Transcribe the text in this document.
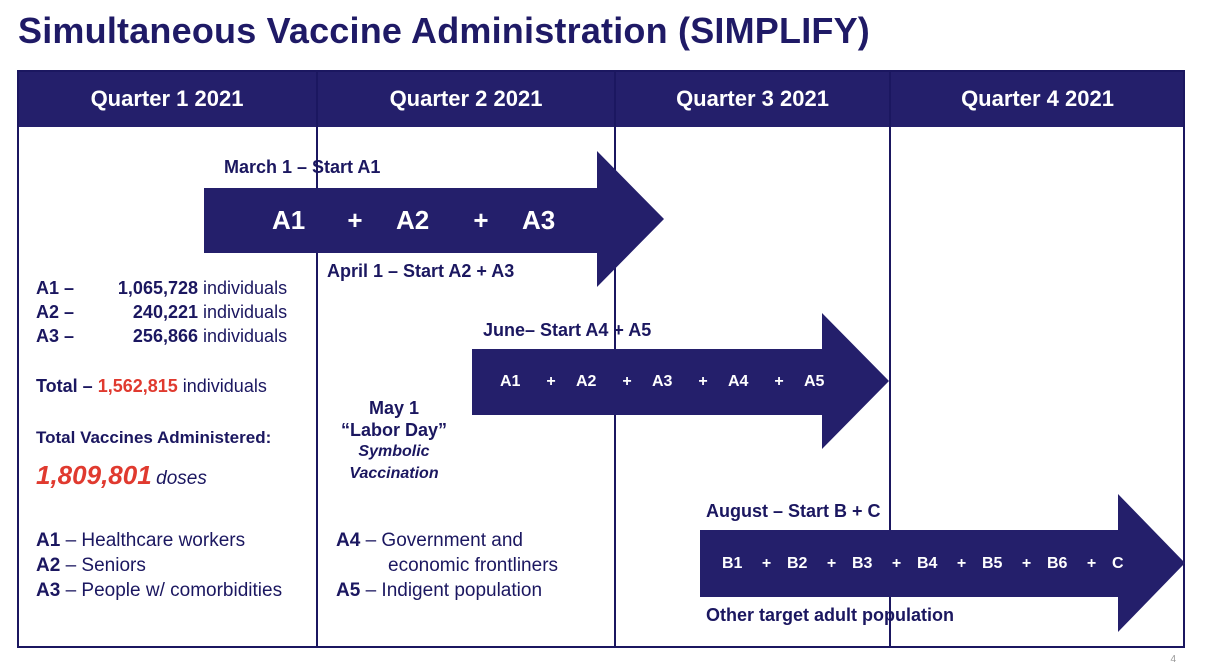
Simultaneous Vaccine Administration (SIMPLIFY)
Quarter 1 2021	Quarter 2 2021	Quarter 3 2021	Quarter 4 2021
March 1 – Start A1
April 1 – Start A2 + A3
A1	+	A2	+	A3
June– Start A4 + A5
A1	+	A2	+	A3	+	A4	+	A5
August – Start B + C
Other target adult population
B1	+ B2	+ B3	+ B4	+ B5	+ B6	+ C
A1 – 1,065,728 individuals
A2 –	240,221 individuals
A3 –	256,866 individuals
Total – 1,562,815 individuals
Total Vaccines Administered:
1,809,801 doses
A1 – Healthcare workers
A2 – Seniors
A3 – People w/ comorbidities
May 1
“Labor Day”
Symbolic
Vaccination
A4 – Government and
economic frontliners
A5 – Indigent population
4
